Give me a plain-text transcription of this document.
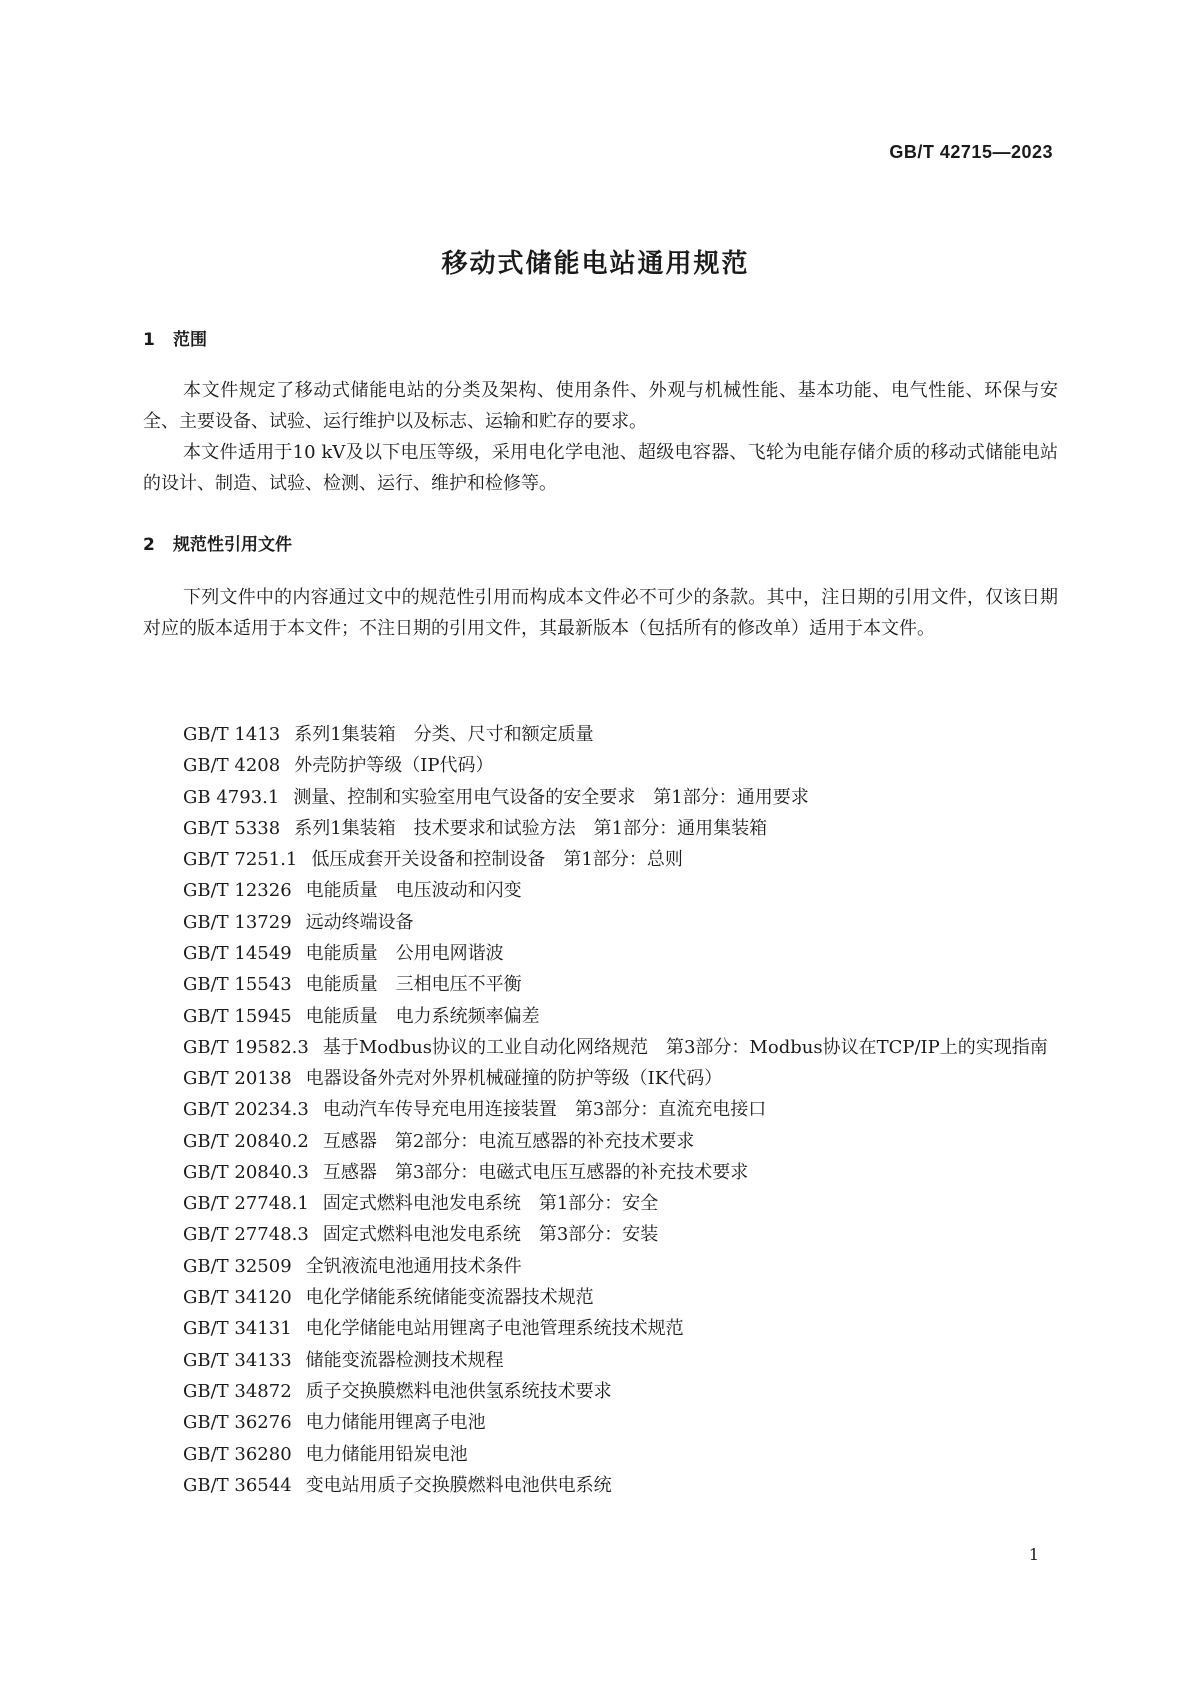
GB/T 42715—2023
移动式储能电站通用规范
1 范围
本文件规定了移动式储能电站的分类及架构、使用条件、外观与机械性能、基本功能、电气性能、环保与安全、主要设备、试验、运行维护以及标志、运输和贮存的要求。
本文件适用于10 kV及以下电压等级，采用电化学电池、超级电容器、飞轮为电能存储介质的移动式储能电站的设计、制造、试验、检测、运行、维护和检修等。
2 规范性引用文件
下列文件中的内容通过文中的规范性引用而构成本文件必不可少的条款。其中，注日期的引用文件，仅该日期对应的版本适用于本文件；不注日期的引用文件，其最新版本（包括所有的修改单）适用于本文件。
GB/T 1413 系列1集装箱　分类、尺寸和额定质量
GB/T 4208 外壳防护等级（IP代码）
GB 4793.1 测量、控制和实验室用电气设备的安全要求　第1部分：通用要求
GB/T 5338 系列1集装箱　技术要求和试验方法　第1部分：通用集装箱
GB/T 7251.1 低压成套开关设备和控制设备　第1部分：总则
GB/T 12326 电能质量　电压波动和闪变
GB/T 13729 远动终端设备
GB/T 14549 电能质量　公用电网谐波
GB/T 15543 电能质量　三相电压不平衡
GB/T 15945 电能质量　电力系统频率偏差
GB/T 19582.3 基于Modbus协议的工业自动化网络规范　第3部分：Modbus协议在TCP/IP上的实现指南
GB/T 20138 电器设备外壳对外界机械碰撞的防护等级（IK代码）
GB/T 20234.3 电动汽车传导充电用连接装置　第3部分：直流充电接口
GB/T 20840.2 互感器　第2部分：电流互感器的补充技术要求
GB/T 20840.3 互感器　第3部分：电磁式电压互感器的补充技术要求
GB/T 27748.1 固定式燃料电池发电系统　第1部分：安全
GB/T 27748.3 固定式燃料电池发电系统　第3部分：安装
GB/T 32509 全钒液流电池通用技术条件
GB/T 34120 电化学储能系统储能变流器技术规范
GB/T 34131 电化学储能电站用锂离子电池管理系统技术规范
GB/T 34133 储能变流器检测技术规程
GB/T 34872 质子交换膜燃料电池供氢系统技术要求
GB/T 36276 电力储能用锂离子电池
GB/T 36280 电力储能用铅炭电池
GB/T 36544 变电站用质子交换膜燃料电池供电系统
1
